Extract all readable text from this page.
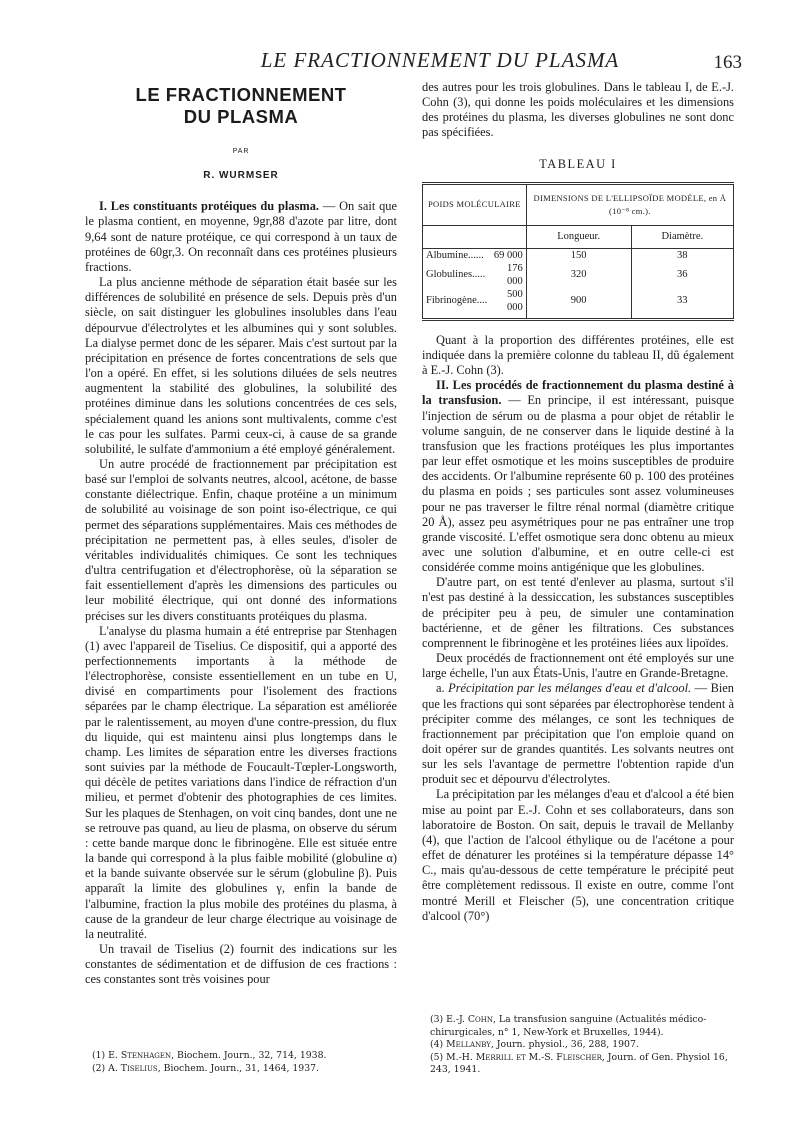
LE FRACTIONNEMENT DU PLASMA	163
LE FRACTIONNEMENT
DU PLASMA
PAR
R. WURMSER

I. Les constituants protéiques du plasma. — On sait que le plasma contient, en moyenne, 9gr,88 d'azote par litre, dont 9,64 sont de nature protéique, ce qui correspond à un taux de protéines de 60gr,3. On reconnaît dans ces protéines plusieurs fractions.

La plus ancienne méthode de séparation était basée sur les différences de solubilité en présence de sels. Depuis près d'un siècle, on sait distinguer les globulines insolubles dans l'eau dépourvue d'électrolytes et les albumines qui y sont solubles. La dialyse permet donc de les séparer. Mais c'est surtout par la précipitation en présence de fortes concentrations de sels que l'on a opéré. En effet, si les solutions diluées de sels neutres augmentent la stabilité des globulines, la solubilité des protéines diminue dans les solutions concentrées de ces sels, spécialement quand les anions sont multivalents, comme c'est le cas pour les sulfates. Parmi ceux-ci, à cause de sa grande solubilité, le sulfate d'ammonium a été employé généralement.

Un autre procédé de fractionnement par précipitation est basé sur l'emploi de solvants neutres, alcool, acétone, de basse constante diélectrique. Enfin, chaque protéine a un minimum de solubilité au voisinage de son point iso-électrique, ce qui permet des séparations supplémentaires. Mais ces méthodes de précipitation ne permettent pas, à elles seules, d'isoler de véritables individualités chimiques. Ce sont les techniques d'ultra centrifugation et d'électrophorèse, où la séparation se fait essentiellement d'après les dimensions des particules ou leur mobilité électrique, qui ont donné des informations précises sur les divers constituants protéiques du plasma.

L'analyse du plasma humain a été entreprise par Stenhagen (1) avec l'appareil de Tiselius. Ce dispositif, qui a apporté des perfectionnements importants à la méthode de l'électrophorèse, consiste essentiellement en un tube en U, divisé en compartiments pour l'isolement des fractions séparées par le champ électrique. La séparation est améliorée par le ralentissement, au moyen d'une contre-pression, du flux du liquide, qui est maintenu ainsi plus longtemps dans le champ. Les limites de séparation entre les diverses fractions sont suivies par la méthode de Foucault-Tœpler-Longsworth, qui décèle de petites variations dans l'indice de réfraction d'un milieu, et permet d'obtenir des photographies de ces limites. Sur les plaques de Stenhagen, on voit cinq bandes, dont une ne se retrouve pas quand, au lieu de plasma, on observe du sérum : cette bande marque donc le fibrinogène. Elle est située entre la bande qui correspond à la plus faible mobilité (globuline α) et la bande suivante observée sur le sérum (globuline β). Puis apparaît la limite des globulines γ, enfin la bande de l'albumine, fraction la plus mobile des protéines du plasma, à cause de la grandeur de leur charge électrique au voisinage de la neutralité.

Un travail de Tiselius (2) fournit des indications sur les constantes de sédimentation et de diffusion de ces fractions : ces constantes sont très voisines pour

des autres pour les trois globulines. Dans le tableau I, de E.-J. Cohn (3), qui donne les poids moléculaires et les dimensions des protéines du plasma, les diverses globulines ne sont donc pas spécifiées.

TABLEAU I
POIDS MOLÉCULAIRE		DIMENSIONS DE L'ELLIPSOÏDE MODÈLE, en Å (10⁻⁸ cm.).	
		Longueur.	Diamètre.
Albumine......	69 000	150	38
Globulines.....	176 000	320	36
Fibrinogène....	500 000	900	33

Quant à la proportion des différentes protéines, elle est indiquée dans la première colonne du tableau II, dû également à E.-J. Cohn (3).

II. Les procédés de fractionnement du plasma destiné à la transfusion. — En principe, il est intéressant, puisque l'injection de sérum ou de plasma a pour objet de rétablir le volume sanguin, de ne conserver dans le liquide destiné à la transfusion que les fractions protéiques les plus importantes par leur effet osmotique et les moins susceptibles de produire des accidents. Or l'albumine représente 60 p. 100 des protéines du plasma en poids ; ses particules sont assez volumineuses pour ne pas traverser le filtre rénal normal (diamètre critique 20 Å), assez peu asymétriques pour ne pas entraîner une trop grande viscosité. L'effet osmotique sera donc obtenu au mieux avec une solution d'albumine, et en outre celle-ci est considérée comme moins antigénique que les globulines.

D'autre part, on est tenté d'enlever au plasma, surtout s'il n'est pas destiné à la dessiccation, les substances susceptibles de précipiter peu à peu, de simuler une contamination bactérienne, et de gêner les filtrations. Ces substances comprennent le fibrinogène et les protéines liées aux lipoïdes.

Deux procédés de fractionnement ont été employés sur une large échelle, l'un aux États-Unis, l'autre en Grande-Bretagne.

a. Précipitation par les mélanges d'eau et d'alcool. — Bien que les fractions qui sont séparées par électrophorèse tendent à précipiter comme des mélanges, ce sont les techniques de fractionnement par précipitation que l'on emploie quand on doit opérer sur de grandes quantités. Les solvants neutres ont sur les sels l'avantage de permettre l'obtention rapide d'un produit sec et dépourvu d'électrolytes.

La précipitation par les mélanges d'eau et d'alcool a été bien mise au point par E.-J. Cohn et ses collaborateurs, dans son laboratoire de Boston. On sait, depuis le travail de Mellanby (4), que l'action de l'alcool éthylique ou de l'acétone a pour effet de dénaturer les protéines si la température dépasse 14° C., mais qu'au-dessous de cette température le précipité peut être complètement redissous. Il existe en outre, comme l'ont montré Merill et Fleischer (5), une concentration critique d'alcool (70°)

(1) E. Stenhagen, Biochem. Journ., 32, 714, 1938.
(2) A. Tiselius, Biochem. Journ., 31, 1464, 1937.
(3) E.-J. Cohn, La transfusion sanguine (Actualités médico-chirurgicales, n° 1, New-York et Bruxelles, 1944).
(4) Mellanby, Journ. physiol., 36, 288, 1907.
(5) M.-H. Merrill et M.-S. Fleischer, Journ. of Gen. Physiol 16, 243, 1941.
